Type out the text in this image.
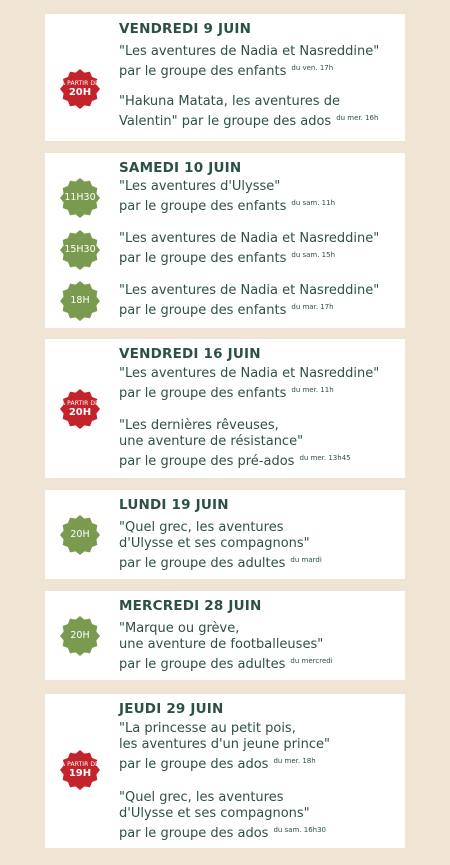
VENDREDI 9 JUIN
À PARTIR DE
20H
"Les aventures de Nadia et Nasreddine"
par le groupe des enfants $^{du ven. 17h}$
"Hakuna Matata, les aventures de
Valentin" par le groupe des ados $^{du mer. 16h}$
SAMEDI 10 JUIN
11H30
15H30
18H
"Les aventures d'Ulysse"
par le groupe des enfants $^{du sam. 11h}$
"Les aventures de Nadia et Nasreddine"
par le groupe des enfants $^{du sam. 15h}$
"Les aventures de Nadia et Nasreddine"
par le groupe des enfants $^{du mar. 17h}$
VENDREDI 16 JUIN
À PARTIR DE
20H
"Les aventures de Nadia et Nasreddine"
par le groupe des enfants $^{du mer. 11h}$
"Les dernières rêveuses,
une aventure de résistance"
par le groupe des pré-ados $^{du mer. 13h45}$
LUNDI 19 JUIN
20H "Quel grec, les aventures
d'Ulysse et ses compagnons"
par le groupe des adultes $^{du mardi}$
MERCREDI 28 JUIN
20H "Marque ou grève,
une aventure de footballeuses"
par le groupe des adultes $^{du mercredi}$
JEUDI 29 JUIN
À PARTIR DE
19H
"La princesse au petit pois,
les aventures d'un jeune prince"
par le groupe des ados $^{du mer. 18h}$
"Quel grec, les aventures
d'Ulysse et ses compagnons"
par le groupe des ados $^{du sam. 16h30}$
